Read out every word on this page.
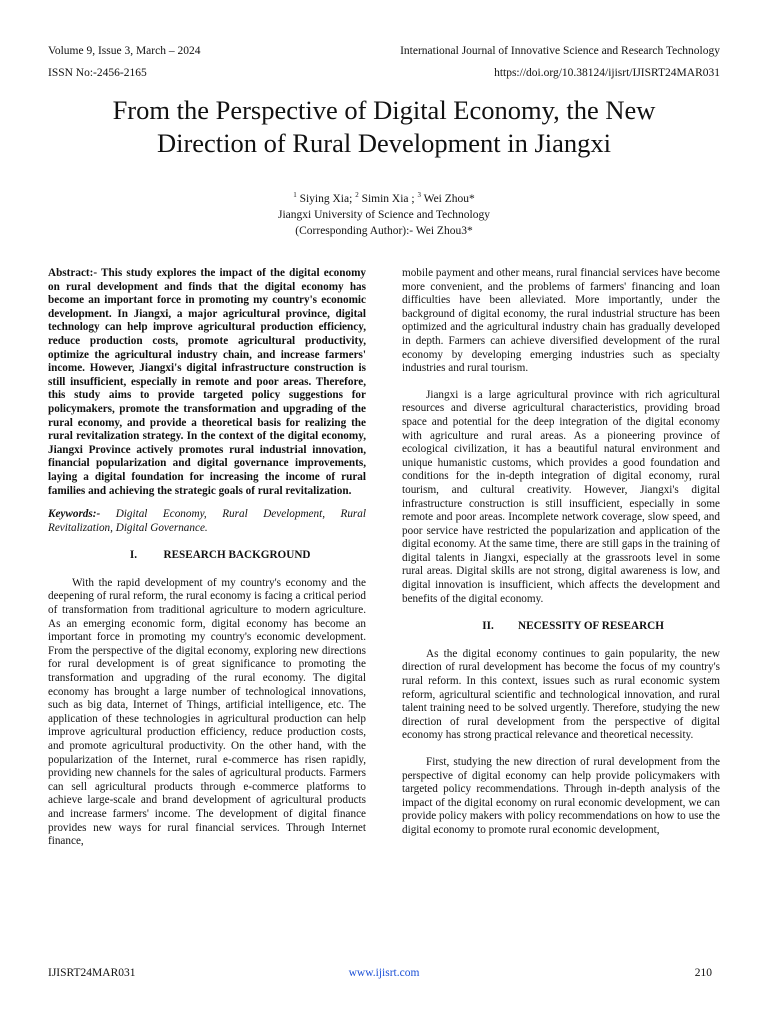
Volume 9, Issue 3, March – 2024	International Journal of Innovative Science and Research Technology
ISSN No:-2456-2165	https://doi.org/10.38124/ijisrt/IJISRT24MAR031
From the Perspective of Digital Economy, the New
Direction of Rural Development in Jiangxi
$^1$ Siying Xia; $^2$ Simin Xia ; $^3$ Wei Zhou*
Jiangxi University of Science and Technology
(Corresponding Author):- Wei Zhou3*

Abstract:- This study explores the impact of the digital economy on rural development and finds that the digital economy has become an important force in promoting my country's economic development. In Jiangxi, a major agricultural province, digital technology can help improve agricultural production efficiency, reduce production costs, promote agricultural productivity, optimize the agricultural industry chain, and increase farmers' income. However, Jiangxi's digital infrastructure construction is still insufficient, especially in remote and poor areas. Therefore, this study aims to provide targeted policy suggestions for policymakers, promote the transformation and upgrading of the rural economy, and provide a theoretical basis for realizing the rural revitalization strategy. In the context of the digital economy, Jiangxi Province actively promotes rural industrial innovation, financial popularization and digital governance improvements, laying a digital foundation for increasing the income of rural families and achieving the strategic goals of rural revitalization.

Keywords:- Digital Economy, Rural Development, Rural Revitalization, Digital Governance.

I. RESEARCH BACKGROUND

With the rapid development of my country's economy and the deepening of rural reform, the rural economy is facing a critical period of transformation from traditional agriculture to modern agriculture. As an emerging economic form, digital economy has become an important force in promoting my country's economic development. From the perspective of the digital economy, exploring new directions for rural development is of great significance to promoting the transformation and upgrading of the rural economy. The digital economy has brought a large number of technological innovations, such as big data, Internet of Things, artificial intelligence, etc. The application of these technologies in agricultural production can help improve agricultural production efficiency, reduce production costs, and promote agricultural productivity. On the other hand, with the popularization of the Internet, rural e-commerce has risen rapidly, providing new channels for the sales of agricultural products. Farmers can sell agricultural products through e-commerce platforms to achieve large-scale and brand development of agricultural products and increase farmers' income. The development of digital finance provides new ways for rural financial services. Through Internet finance,

mobile payment and other means, rural financial services have become more convenient, and the problems of farmers' financing and loan difficulties have been alleviated. More importantly, under the background of digital economy, the rural industrial structure has been optimized and the agricultural industry chain has gradually developed in depth. Farmers can achieve diversified development of the rural economy by developing emerging industries such as specialty industries and rural tourism.

Jiangxi is a large agricultural province with rich agricultural resources and diverse agricultural characteristics, providing broad space and potential for the deep integration of the digital economy with agriculture and rural areas. As a pioneering province of ecological civilization, it has a beautiful natural environment and unique humanistic customs, which provides a good foundation and conditions for the in-depth integration of digital economy, rural tourism, and cultural creativity. However, Jiangxi's digital infrastructure construction is still insufficient, especially in some remote and poor areas. Incomplete network coverage, slow speed, and poor service have restricted the popularization and application of the digital economy. At the same time, there are still gaps in the training of digital talents in Jiangxi, especially at the grassroots level in some rural areas. Digital skills are not strong, digital awareness is low, and digital innovation is insufficient, which affects the development and benefits of the digital economy.

II. NECESSITY OF RESEARCH

As the digital economy continues to gain popularity, the new direction of rural development has become the focus of my country's rural reform. In this context, issues such as rural economic system reform, agricultural scientific and technological innovation, and rural talent training need to be solved urgently. Therefore, studying the new direction of rural development from the perspective of digital economy has strong practical relevance and theoretical necessity.

First, studying the new direction of rural development from the perspective of digital economy can help provide policymakers with targeted policy recommendations. Through in-depth analysis of the impact of the digital economy on rural economic development, we can provide policy makers with policy recommendations on how to use the digital economy to promote rural economic development,

IJISRT24MAR031	www.ijisrt.com	210
